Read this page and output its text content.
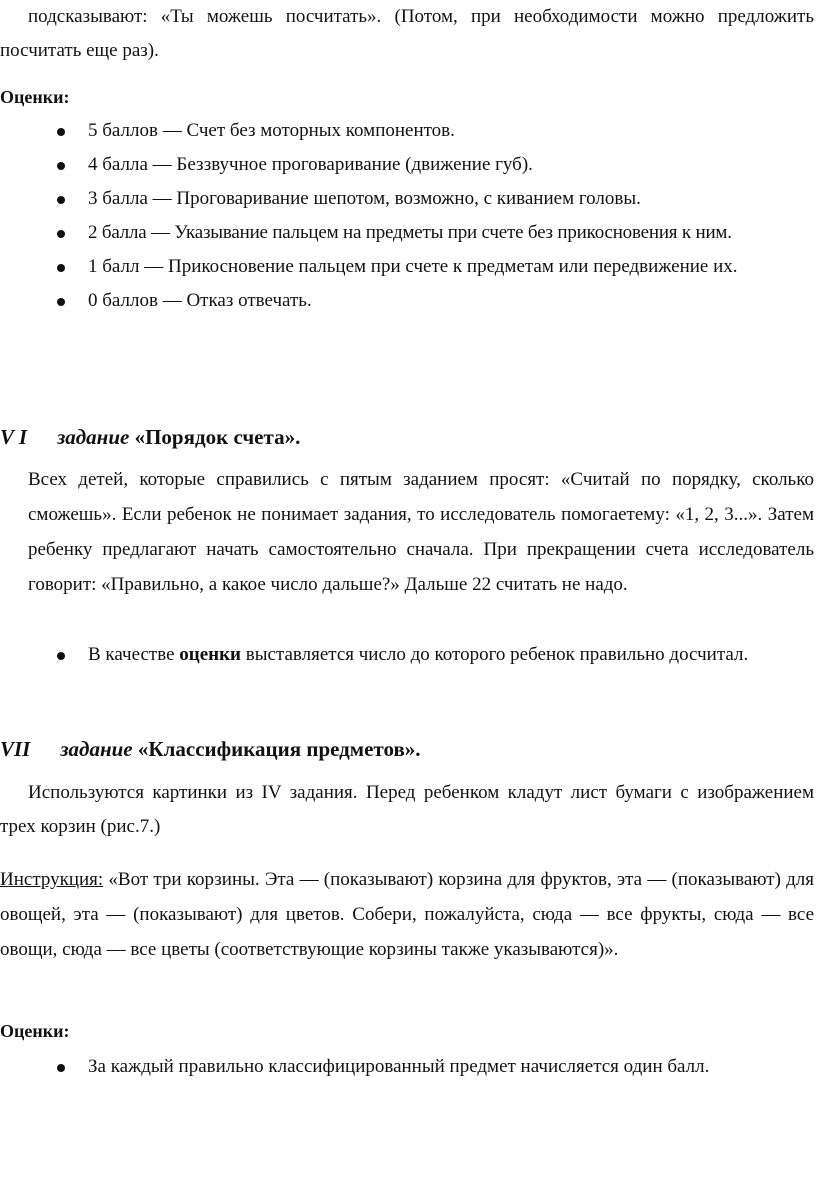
подсказывают: «Ты можешь посчитать». (Потом, при необходимости можно предложить

посчитать еще раз).

Оценки:

5 баллов — Счет без моторных компонентов.
4 балла — Беззвучное проговаривание (движение губ).
3 балла — Проговаривание шепотом, возможно, с киванием головы.
2 балла — Указывание пальцем на предметы при счете без прикосновения к ним.
1 балл — Прикосновение пальцем при счете к предметам или передвижение их.
0 баллов — Отказ отвечать.

V I задание «Порядок счета».

Всех детей, которые справились с пятым заданием просят: «Считай по порядку, сколько сможешь». Если ребенок не понимает задания, то исследователь помогаетему: «1, 2, 3...». Затем ребенку предлагают начать самостоятельно сначала. При прекращении счета исследователь говорит: «Правильно, а какое число дальше?» Дальше 22 считать не надо.

В качестве оценки выставляется число до которого ребенок правильно досчитал.

VII задание «Классификация предметов».

Используются картинки из IV задания. Перед ребенком кладут лист бумаги с изображением трех корзин (рис.7.)

Инструкция: «Вот три корзины. Эта — (показывают) корзина для фруктов, эта — (показывают) для овощей, эта — (показывают) для цветов. Собери, пожалуйста, сюда — все фрукты, сюда — все овощи, сюда — все цветы (соответствующие корзины также указываются)».

Оценки:

За каждый правильно классифицированный предмет начисляется один балл.
